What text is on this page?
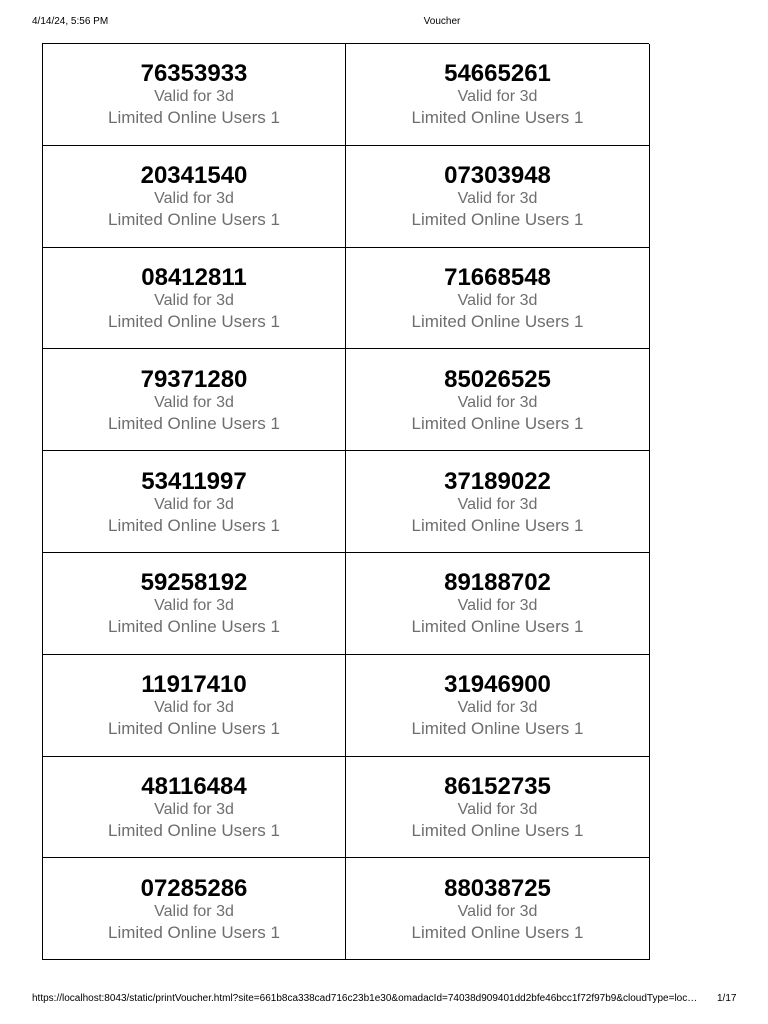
4/14/24, 5:56 PM	Voucher
76353933
Valid for 3d
Limited Online Users 1
54665261
Valid for 3d
Limited Online Users 1
20341540
Valid for 3d
Limited Online Users 1
07303948
Valid for 3d
Limited Online Users 1
08412811
Valid for 3d
Limited Online Users 1
71668548
Valid for 3d
Limited Online Users 1
79371280
Valid for 3d
Limited Online Users 1
85026525
Valid for 3d
Limited Online Users 1
53411997
Valid for 3d
Limited Online Users 1
37189022
Valid for 3d
Limited Online Users 1
59258192
Valid for 3d
Limited Online Users 1
89188702
Valid for 3d
Limited Online Users 1
11917410
Valid for 3d
Limited Online Users 1
31946900
Valid for 3d
Limited Online Users 1
48116484
Valid for 3d
Limited Online Users 1
86152735
Valid for 3d
Limited Online Users 1
07285286
Valid for 3d
Limited Online Users 1
88038725
Valid for 3d
Limited Online Users 1
https://localhost:8043/static/printVoucher.html?site=661b8ca338cad716c23b1e30&omadacId=74038d909401dd2bfe46bcc1f72f97b9&cloudType=loc…	1/17
